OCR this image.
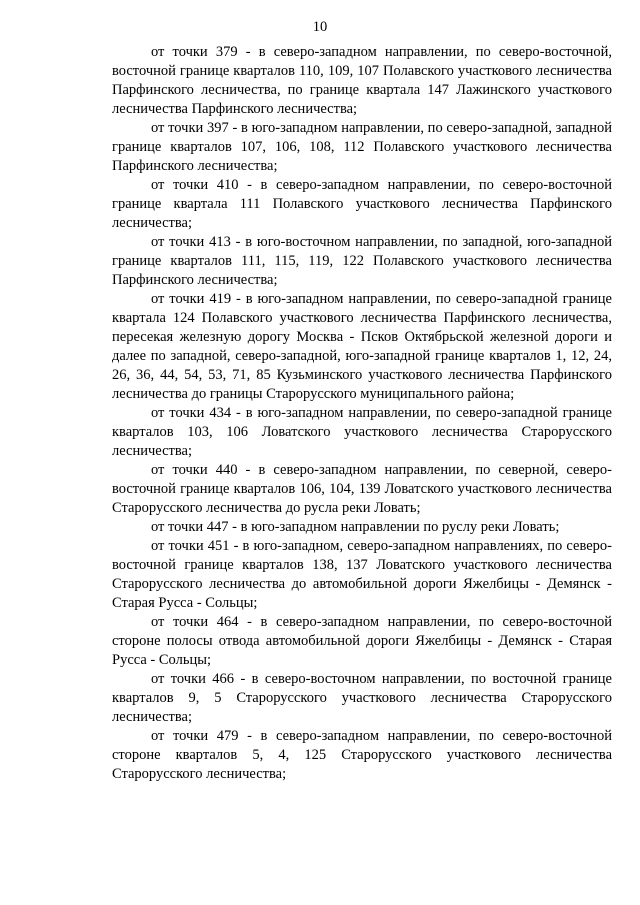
10

от точки 379 - в северо-западном направлении, по северо-восточной, восточной границе кварталов 110, 109, 107 Полавского участкового лесничества Парфинского лесничества, по границе квартала 147 Лажинского участкового лесничества Парфинского лесничества;

от точки 397 - в юго-западном направлении, по северо-западной, западной границе кварталов 107, 106, 108, 112 Полавского участкового лесничества Парфинского лесничества;

от точки 410 - в северо-западном направлении, по северо-восточной границе квартала 111 Полавского участкового лесничества Парфинского лесничества;

от точки 413 - в юго-восточном направлении, по западной, юго-западной границе кварталов 111, 115, 119, 122 Полавского участкового лесничества Парфинского лесничества;

от точки 419 - в юго-западном направлении, по северо-западной границе квартала 124 Полавского участкового лесничества Парфинского лесничества, пересекая железную дорогу Москва - Псков Октябрьской железной дороги и далее по западной, северо-западной, юго-западной границе кварталов 1, 12, 24, 26, 36, 44, 54, 53, 71, 85 Кузьминского участкового лесничества Парфинского лесничества до границы Старорусского муниципального района;

от точки 434 - в юго-западном направлении, по северо-западной границе кварталов 103, 106 Ловатского участкового лесничества Старорусского лесничества;

от точки 440 - в северо-западном направлении, по северной, северо-восточной границе кварталов 106, 104, 139 Ловатского участкового лесничества Старорусского лесничества до русла реки Ловать;

от точки 447 - в юго-западном направлении по руслу реки Ловать;

от точки 451 - в юго-западном, северо-западном направлениях, по северо-восточной границе кварталов 138, 137 Ловатского участкового лесничества Старорусского лесничества до автомобильной дороги Яжелбицы - Демянск - Старая Русса - Сольцы;

от точки 464 - в северо-западном направлении, по северо-восточной стороне полосы отвода автомобильной дороги Яжелбицы - Демянск - Старая Русса - Сольцы;

от точки 466 - в северо-восточном направлении, по восточной границе кварталов 9, 5 Старорусского участкового лесничества Старорусского лесничества;

от точки 479 - в северо-западном направлении, по северо-восточной стороне кварталов 5, 4, 125 Старорусского участкового лесничества Старорусского лесничества;
